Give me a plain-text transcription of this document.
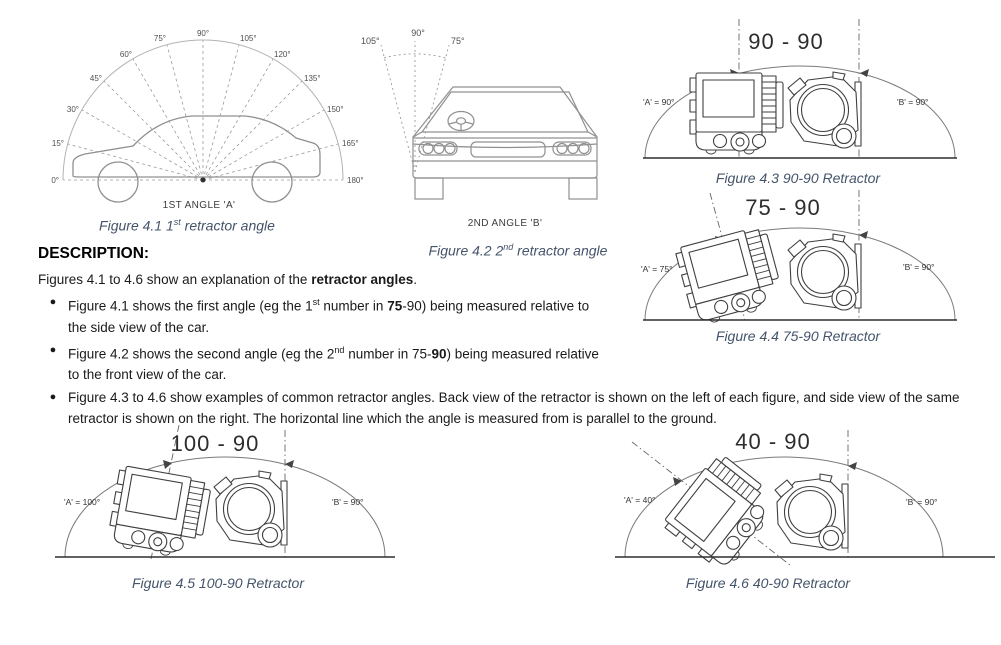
0°
15°
30°
45°
60°
75°
90°
105°
120°
135°
150°
165°
180°
1ST ANGLE 'A'
Figure 4.1 1st retractor angle
105°
90°
75°
2ND ANGLE 'B'
Figure 4.2 2nd retractor angle
DESCRIPTION:
Figures 4.1 to 4.6 show an explanation of the retractor angles.
● Figure 4.1 shows the first angle (eg the 1st number in 75-90) being measured relative to the side view of the car.
● Figure 4.2 shows the second angle (eg the 2nd number in 75-90) being measured relative to the front view of the car.
● Figure 4.3 to 4.6 show examples of common retractor angles. Back view of the retractor is shown on the left of each figure, and side view of the same retractor is shown on the right. The horizontal line which the angle is measured from is parallel to the ground.
90 - 90
'A' = 90°	'B' = 90°
Figure 4.3 90-90 Retractor
75 - 90
'A' = 75°	'B' = 90°
Figure 4.4 75-90 Retractor
100 - 90
'A' = 100°	'B' = 90°
Figure 4.5 100-90 Retractor
40 - 90
'A' = 40°	'B' = 90°
Figure 4.6 40-90 Retractor
